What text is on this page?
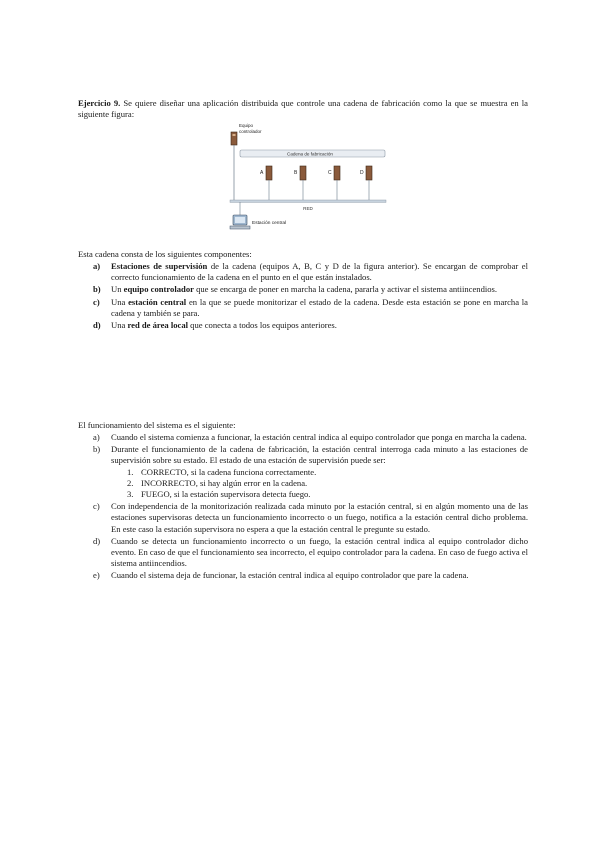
Ejercicio 9. Se quiere diseñar una aplicación distribuida que controle una cadena de fabricación como la que se muestra en la siguiente figura:

Equipo
controlador
Cadena de fabricación
A	B	C	D
RED
Estación central

Esta cadena consta de los siguientes componentes:

a) Estaciones de supervisión de la cadena (equipos A, B, C y D de la figura anterior). Se encargan de comprobar el correcto funcionamiento de la cadena en el punto en el que están instalados.
b) Un equipo controlador que se encarga de poner en marcha la cadena, pararla y activar el sistema antiincendios.
c) Una estación central en la que se puede monitorizar el estado de la cadena. Desde esta estación se pone en marcha la cadena y también se para.
d) Una red de área local que conecta a todos los equipos anteriores.

El funcionamiento del sistema es el siguiente:

a) Cuando el sistema comienza a funcionar, la estación central indica al equipo controlador que ponga en marcha la cadena.
b) Durante el funcionamiento de la cadena de fabricación, la estación central interroga cada minuto a las estaciones de supervisión sobre su estado. El estado de una estación de supervisión puede ser:
1. CORRECTO, si la cadena funciona correctamente.
2. INCORRECTO, si hay algún error en la cadena.
3. FUEGO, si la estación supervisora detecta fuego.
c) Con independencia de la monitorización realizada cada minuto por la estación central, si en algún momento una de las estaciones supervisoras detecta un funcionamiento incorrecto o un fuego, notifica a la estación central dicho problema. En este caso la estación supervisora no espera a que la estación central le pregunte su estado.
d) Cuando se detecta un funcionamiento incorrecto o un fuego, la estación central indica al equipo controlador dicho evento. En caso de que el funcionamiento sea incorrecto, el equipo controlador para la cadena. En caso de fuego activa el sistema antiincendios.
e) Cuando el sistema deja de funcionar, la estación central indica al equipo controlador que pare la cadena.
